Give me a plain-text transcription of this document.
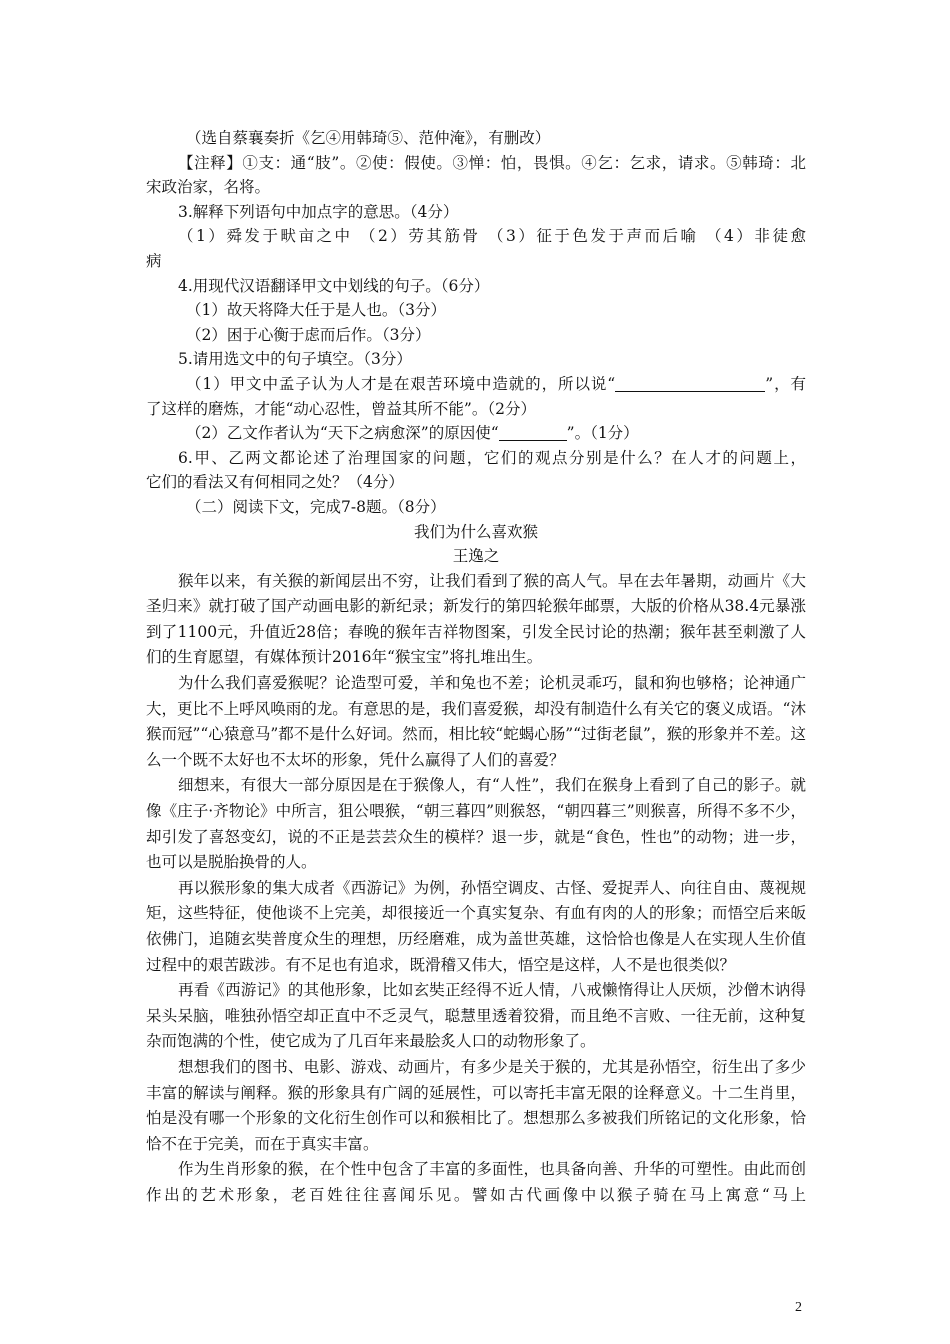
（选自蔡襄奏折《乞④用韩琦⑤、范仲淹》，有删改）
【注释】①支：通“肢”。②使：假使。③惮：怕，畏惧。④乞：乞求，请求。⑤韩琦：北
宋政治家，名将。
3.解释下列语句中加点字的意思。（4分）
（1）舜发于畎亩之中 （2）劳其筋骨 （3）征于色发于声而后喻 （4）非徒愈
病
4.用现代汉语翻译甲文中划线的句子。（6分）
（1）故天将降大任于是人也。（3分）
（2）困于心衡于虑而后作。（3分）
5.请用选文中的句子填空。（3分）
（1）甲文中孟子认为人才是在艰苦环境中造就的，所以说“	”，有
了这样的磨炼，才能“动心忍性，曾益其所不能”。（2分）
（2）乙文作者认为“天下之病愈深”的原因使“	”。（1分）
6.甲、乙两文都论述了治理国家的问题，它们的观点分别是什么？在人才的问题上，
它们的看法又有何相同之处？（4分）
（二）阅读下文，完成7-8题。（8分）
我们为什么喜欢猴
王逸之
猴年以来，有关猴的新闻层出不穷，让我们看到了猴的高人气。早在去年暑期，动画片《大圣归来》就打破了国产动画电影的新纪录；新发行的第四轮猴年邮票，大版的价格从38.4元暴涨到了1100元，升值近28倍；春晚的猴年吉祥物图案，引发全民讨论的热潮；猴年甚至刺激了人们的生育愿望，有媒体预计2016年“猴宝宝”将扎堆出生。
为什么我们喜爱猴呢？论造型可爱，羊和兔也不差；论机灵乖巧，鼠和狗也够格；论神通广大，更比不上呼风唤雨的龙。有意思的是，我们喜爱猴，却没有制造什么有关它的褒义成语。“沐猴而冠”“心猿意马”都不是什么好词。然而，相比较“蛇蝎心肠”“过街老鼠”，猴的形象并不差。这么一个既不太好也不太坏的形象，凭什么赢得了人们的喜爱？
细想来，有很大一部分原因是在于猴像人，有“人性”，我们在猴身上看到了自己的影子。就像《庄子·齐物论》中所言，狙公喂猴，“朝三暮四”则猴怒，“朝四暮三”则猴喜，所得不多不少，却引发了喜怒变幻，说的不正是芸芸众生的模样？退一步，就是“食色，性也”的动物；进一步，也可以是脱胎换骨的人。
再以猴形象的集大成者《西游记》为例，孙悟空调皮、古怪、爱捉弄人、向往自由、蔑视规矩，这些特征，使他谈不上完美，却很接近一个真实复杂、有血有肉的人的形象；而悟空后来皈依佛门，追随玄奘普度众生的理想，历经磨难，成为盖世英雄，这恰恰也像是人在实现人生价值过程中的艰苦跋涉。有不足也有追求，既滑稽又伟大，悟空是这样，人不是也很类似？
再看《西游记》的其他形象，比如玄奘正经得不近人情，八戒懒惰得让人厌烦，沙僧木讷得呆头呆脑，唯独孙悟空却正直中不乏灵气，聪慧里透着狡猾，而且绝不言败、一往无前，这种复杂而饱满的个性，使它成为了几百年来最脍炙人口的动物形象了。
想想我们的图书、电影、游戏、动画片，有多少是关于猴的，尤其是孙悟空，衍生出了多少丰富的解读与阐释。猴的形象具有广阔的延展性，可以寄托丰富无限的诠释意义。十二生肖里，怕是没有哪一个形象的文化衍生创作可以和猴相比了。想想那么多被我们所铭记的文化形象，恰恰不在于完美，而在于真实丰富。
作为生肖形象的猴，在个性中包含了丰富的多面性，也具备向善、升华的可塑性。由此而创作出的艺术形象，老百姓往往喜闻乐见。譬如古代画像中以猴子骑在马上寓意“马上
2
